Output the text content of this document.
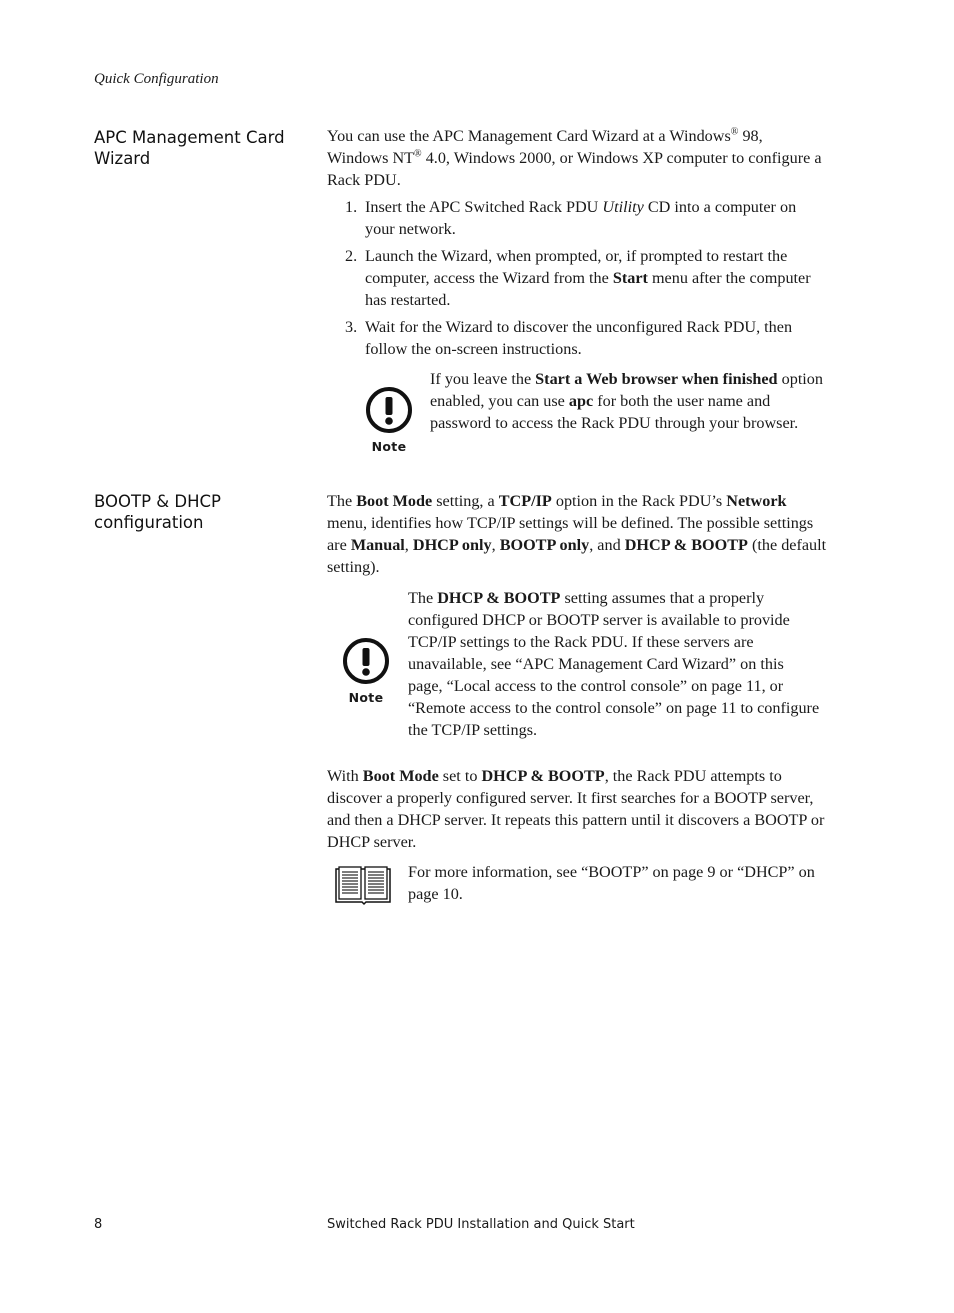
Quick Configuration
APC Management Card
Wizard

You can use the APC Management Card Wizard at a Windows® 98, Windows NT® 4.0, Windows 2000, or Windows XP computer to configure a Rack PDU.

1. Insert the APC Switched Rack PDU Utility CD into a computer on your network.
2. Launch the Wizard, when prompted, or, if prompted to restart the computer, access the Wizard from the Start menu after the computer has restarted.
3. Wait for the Wizard to discover the unconfigured Rack PDU, then follow the on-screen instructions.
Note
If you leave the Start a Web browser when finished option enabled, you can use apc for both the user name and password to access the Rack PDU through your browser.
BOOTP & DHCP
configuration

The Boot Mode setting, a TCP/IP option in the Rack PDU’s Network menu, identifies how TCP/IP settings will be defined. The possible settings are Manual, DHCP only, BOOTP only, and DHCP & BOOTP (the default setting).

Note
The DHCP & BOOTP setting assumes that a properly configured DHCP or BOOTP server is available to provide TCP/IP settings to the Rack PDU. If these servers are unavailable, see “APC Management Card Wizard” on this page, “Local access to the control console” on page 11, or “Remote access to the control console” on page 11 to configure the TCP/IP settings.

With Boot Mode set to DHCP & BOOTP, the Rack PDU attempts to discover a properly configured server. It first searches for a BOOTP server, and then a DHCP server. It repeats this pattern until it discovers a BOOTP or DHCP server.

For more information, see “BOOTP” on page 9 or “DHCP” on page 10.
8	Switched Rack PDU Installation and Quick Start
